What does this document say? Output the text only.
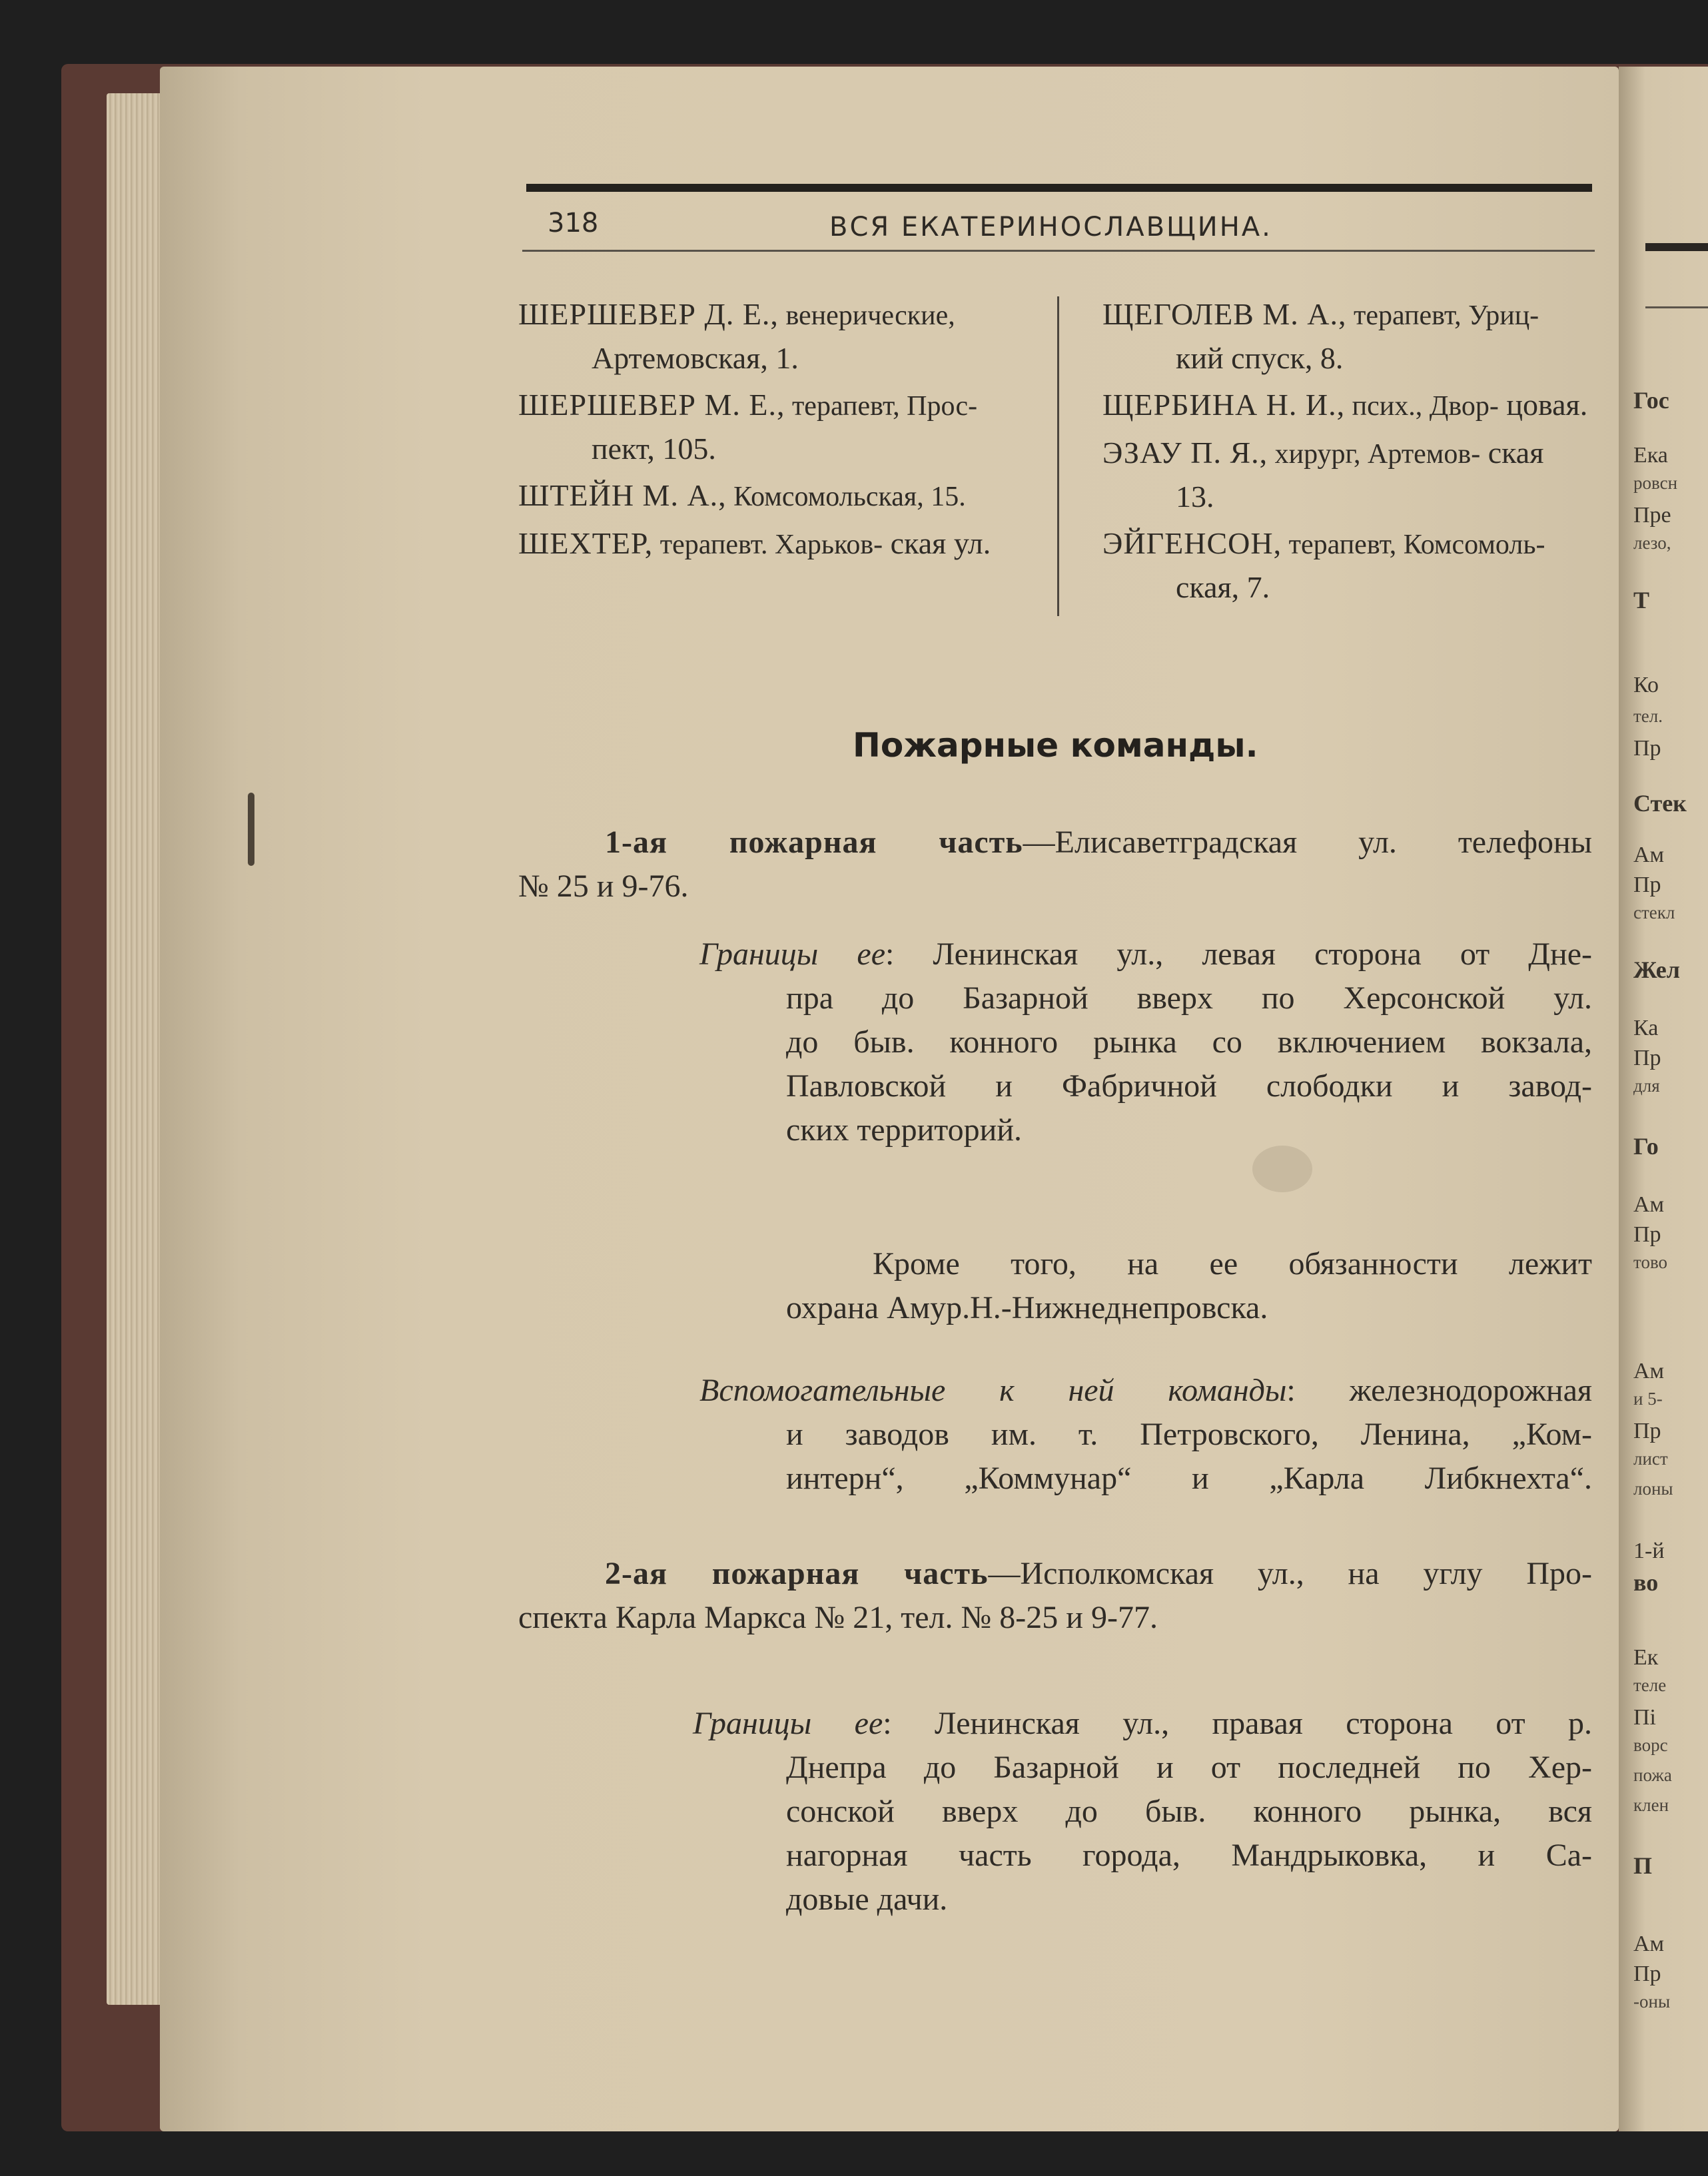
Гос
Ека
ровсн
Пре
лезо,
Т
Ко
тел.
Пр
Стек
Ам
Пр
стекл
Жел
Ка
Пр
для
Го
Ам
Пр
тово
Ам
и 5-
Пр
лист
лоны
1-й
во
Ек
теле
Пі
ворс
пожа
клен
П
Ам
Пр
-оны
318	ВСЯ ЕКАТЕРИНОСЛАВЩИНА.
ШЕРШЕВЕР Д. Е., венерические, Артемовская, 1.
ШЕРШЕВЕР М. Е., терапевт, Прос- пект, 105.
ШТЕЙН М. А., Комсомольская, 15.
ШЕХТЕР, терапевт. Харьков- ская ул.
ЩЕГОЛЕВ М. А., терапевт, Уриц- кий спуск, 8.
ЩЕРБИНА Н. И., псих., Двор- цовая.
ЭЗАУ П. Я., хирург, Артемов- ская 13.
ЭЙГЕНСОН, терапевт, Комсомоль- ская, 7.
Пожарные команды.
1-ая пожарная часть—Елисаветградская ул. телефоны
№ 25 и 9-76.
Границы ее: Ленинская ул., левая сторона от Дне-
пра до Базарной вверх по Херсонской ул.
до быв. конного рынка со включением вокзала,
Павловской и Фабричной слободки и завод-
ских территорий.
Кроме того, на ее обязанности лежит
охрана Амур.Н.-Нижнеднепровска.
Вспомогательные к ней команды: железнодорожная
и заводов им. т. Петровского, Ленина, „Ком-
интерн“, „Коммунар“ и „Карла Либкнехта“.
2-ая пожарная часть—Исполкомская ул., на углу Про-
спекта Карла Маркса № 21, тел. № 8-25 и 9-77.
Границы ее: Ленинская ул., правая сторона от р.
Днепра до Базарной и от последней по Хер-
сонской вверх до быв. конного рынка, вся
нагорная часть города, Мандрыковка, и Са-
довые дачи.
